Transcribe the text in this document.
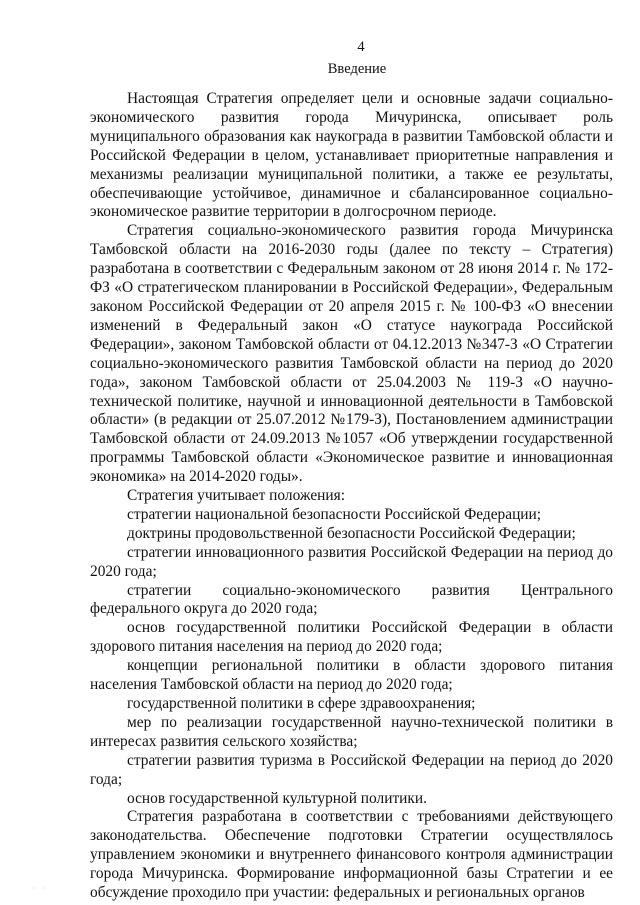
4
Введение

Настоящая Стратегия определяет цели и основные задачи социально-экономического развития города Мичуринска, описывает роль муниципального образования как наукограда в развитии Тамбовской области и Российской Федерации в целом, устанавливает приоритетные направления и механизмы реализации муниципальной политики, а также ее результаты, обеспечивающие устойчивое, динамичное и сбалансированное социально-экономическое развитие территории в долгосрочном периоде.

Стратегия социально-экономического развития города Мичуринска Тамбовской области на 2016-2030 годы (далее по тексту – Стратегия) разработана в соответствии с Федеральным законом от 28 июня 2014 г. № 172-ФЗ «О стратегическом планировании в Российской Федерации», Федеральным законом Российской Федерации от 20 апреля 2015 г. № 100-ФЗ «О внесении изменений в Федеральный закон «О статусе наукограда Российской Федерации», законом Тамбовской области от 04.12.2013 №347-З «О Стратегии социально-экономического развития Тамбовской области на период до 2020 года», законом Тамбовской области от 25.04.2003 № 119-З «О научно-технической политике, научной и инновационной деятельности в Тамбовской области» (в редакции от 25.07.2012 №179-З), Постановлением администрации Тамбовской области от 24.09.2013 №1057 «Об утверждении государственной программы Тамбовской области «Экономическое развитие и инновационная экономика» на 2014-2020 годы».

Стратегия учитывает положения:

стратегии национальной безопасности Российской Федерации;

доктрины продовольственной безопасности Российской Федерации;

стратегии инновационного развития Российской Федерации на период до 2020 года;

стратегии социально-экономического развития Центрального федерального округа до 2020 года;

основ государственной политики Российской Федерации в области здорового питания населения на период до 2020 года;

концепции региональной политики в области здорового питания населения Тамбовской области на период до 2020 года;

государственной политики в сфере здравоохранения;

мер по реализации государственной научно-технической политики в интересах развития сельского хозяйства;

стратегии развития туризма в Российской Федерации на период до 2020 года;

основ государственной культурной политики.

Стратегия разработана в соответствии с требованиями действующего законодательства. Обеспечение подготовки Стратегии осуществлялось управлением экономики и внутреннего финансового контроля администрации города Мичуринска. Формирование информационной базы Стратегии и ее обсуждение проходило при участии: федеральных и региональных органов

· ·
